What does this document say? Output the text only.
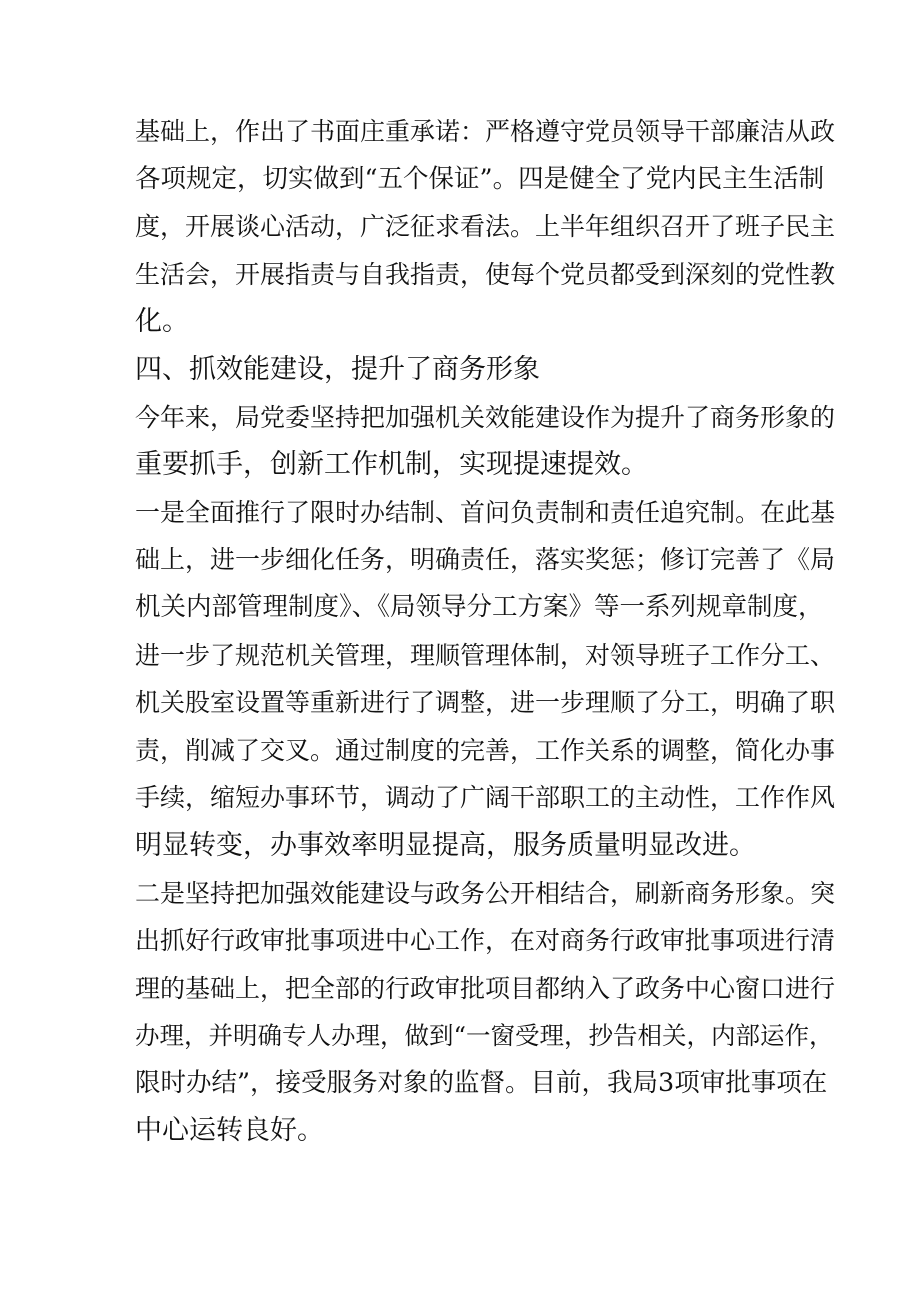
基础上，作出了书面庄重承诺：严格遵守党员领导干部廉洁从政
各项规定，切实做到“五个保证”。四是健全了党内民主生活制
度，开展谈心活动，广泛征求看法。上半年组织召开了班子民主
生活会，开展指责与自我指责，使每个党员都受到深刻的党性教
化。
四、抓效能建设，提升了商务形象
今年来，局党委坚持把加强机关效能建设作为提升了商务形象的
重要抓手，创新工作机制，实现提速提效。
一是全面推行了限时办结制、首问负责制和责任追究制。在此基
础上，进一步细化任务，明确责任，落实奖惩；修订完善了《局
机关内部管理制度》、《局领导分工方案》等一系列规章制度，
进一步了规范机关管理，理顺管理体制，对领导班子工作分工、
机关股室设置等重新进行了调整，进一步理顺了分工，明确了职
责，削减了交叉。通过制度的完善，工作关系的调整，简化办事
手续，缩短办事环节，调动了广阔干部职工的主动性，工作作风
明显转变，办事效率明显提高，服务质量明显改进。
二是坚持把加强效能建设与政务公开相结合，刷新商务形象。突
出抓好行政审批事项进中心工作，在对商务行政审批事项进行清
理的基础上，把全部的行政审批项目都纳入了政务中心窗口进行
办理，并明确专人办理，做到“一窗受理，抄告相关，内部运作，
限时办结”，接受服务对象的监督。目前，我局3项审批事项在
中心运转良好。
